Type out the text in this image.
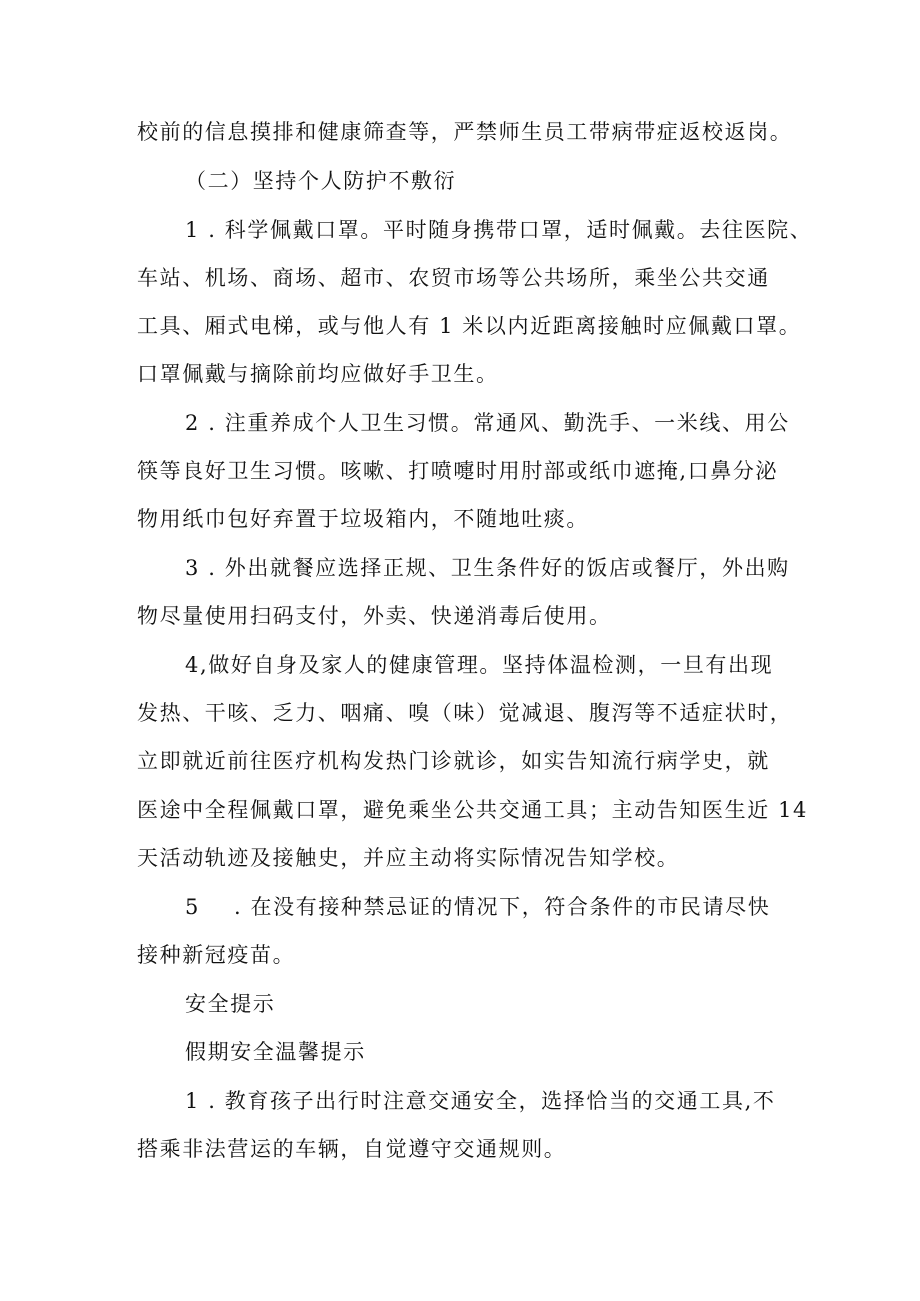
校前的信息摸排和健康筛查等，严禁师生员工带病带症返校返岗。
（二）坚持个人防护不敷衍
1 . 科学佩戴口罩。平时随身携带口罩，适时佩戴。去往医院、
车站、机场、商场、超市、农贸市场等公共场所，乘坐公共交通
工具、厢式电梯，或与他人有 1 米以内近距离接触时应佩戴口罩。
口罩佩戴与摘除前均应做好手卫生。
2 . 注重养成个人卫生习惯。常通风、勤洗手、一米线、用公
筷等良好卫生习惯。咳嗽、打喷嚏时用肘部或纸巾遮掩,口鼻分泌
物用纸巾包好弃置于垃圾箱内，不随地吐痰。
3 . 外出就餐应选择正规、卫生条件好的饭店或餐厅，外出购
物尽量使用扫码支付，外卖、快递消毒后使用。
4,做好自身及家人的健康管理。坚持体温检测，一旦有出现
发热、干咳、乏力、咽痛、嗅（味）觉减退、腹泻等不适症状时，
立即就近前往医疗机构发热门诊就诊，如实告知流行病学史，就
医途中全程佩戴口罩，避免乘坐公共交通工具；主动告知医生近 14
天活动轨迹及接触史，并应主动将实际情况告知学校。
5 . 在没有接种禁忌证的情况下，符合条件的市民请尽快
接种新冠疫苗。
安全提示
假期安全温馨提示
1 . 教育孩子出行时注意交通安全，选择恰当的交通工具,不
搭乘非法营运的车辆，自觉遵守交通规则。
